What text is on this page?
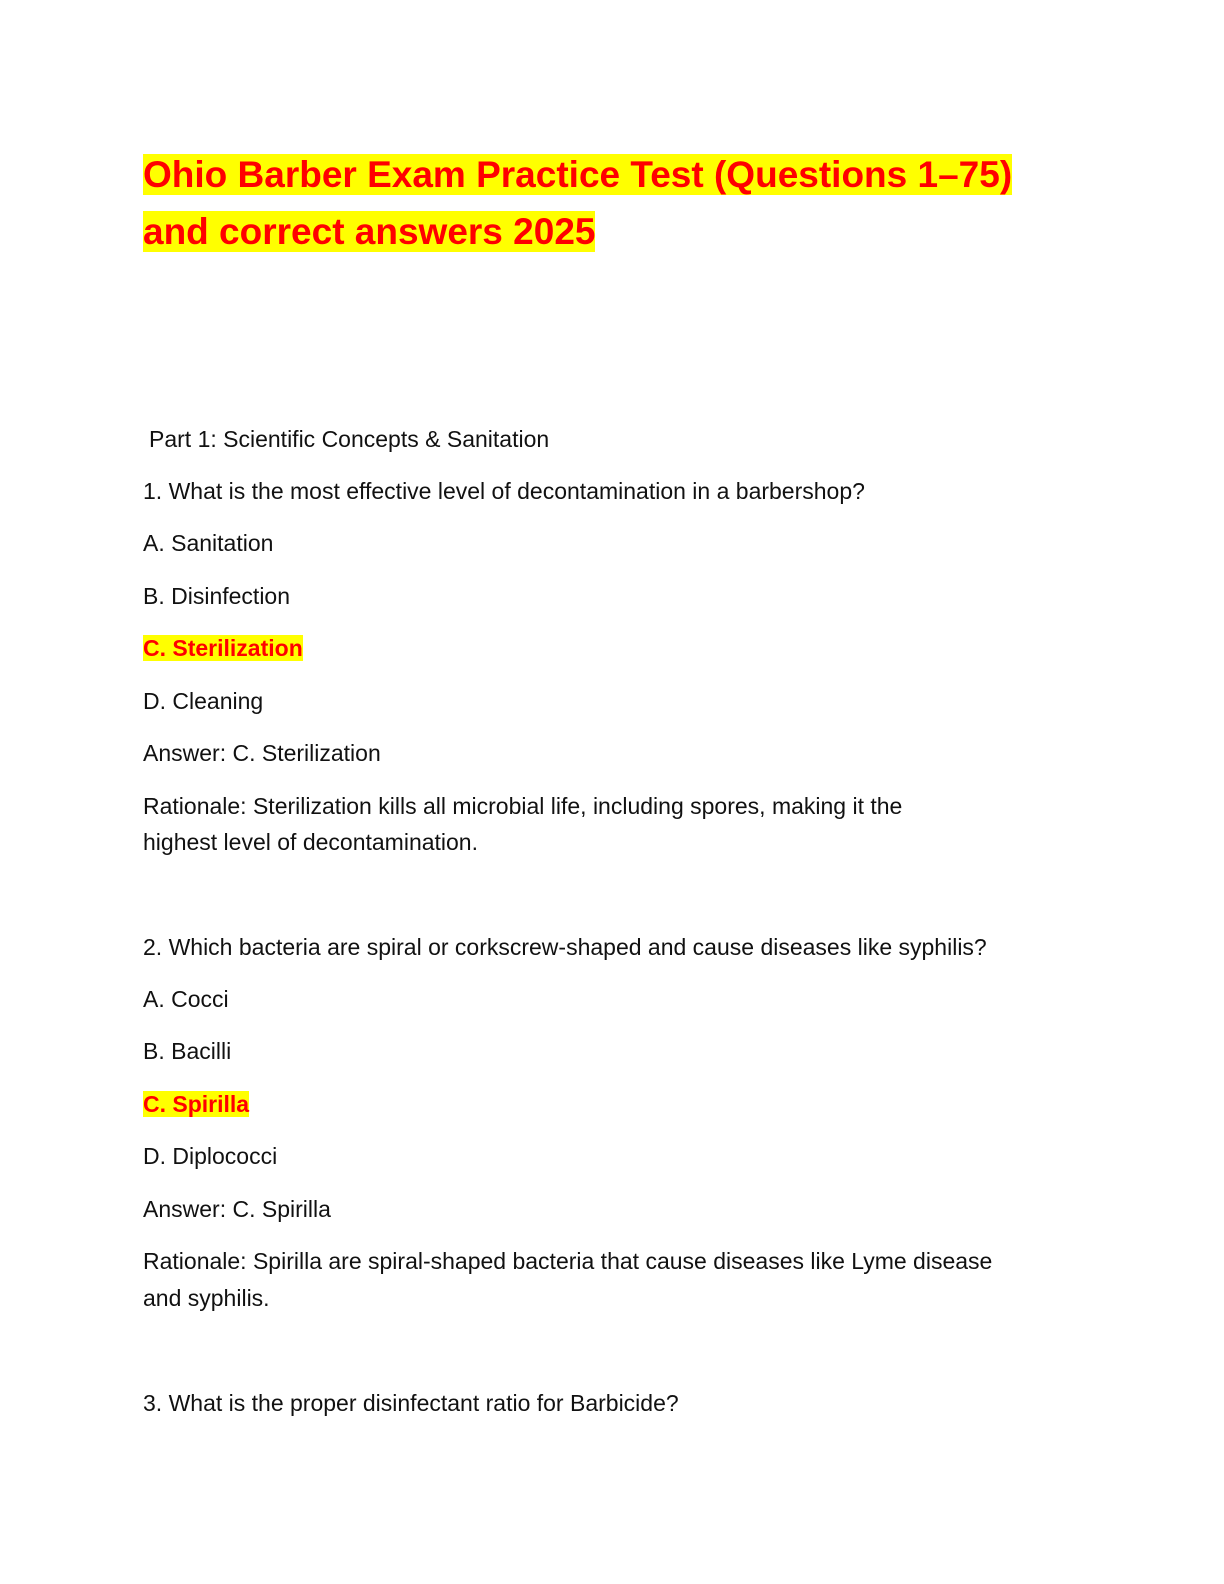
Ohio Barber Exam Practice Test (Questions 1–75)
and correct answers 2025

Part 1: Scientific Concepts & Sanitation

1. What is the most effective level of decontamination in a barbershop?

A. Sanitation

B. Disinfection

C. Sterilization

D. Cleaning

Answer: C. Sterilization

Rationale: Sterilization kills all microbial life, including spores, making it the

highest level of decontamination.

2. Which bacteria are spiral or corkscrew-shaped and cause diseases like syphilis?

A. Cocci

B. Bacilli

C. Spirilla

D. Diplococci

Answer: C. Spirilla

Rationale: Spirilla are spiral-shaped bacteria that cause diseases like Lyme disease

and syphilis.

3. What is the proper disinfectant ratio for Barbicide?
